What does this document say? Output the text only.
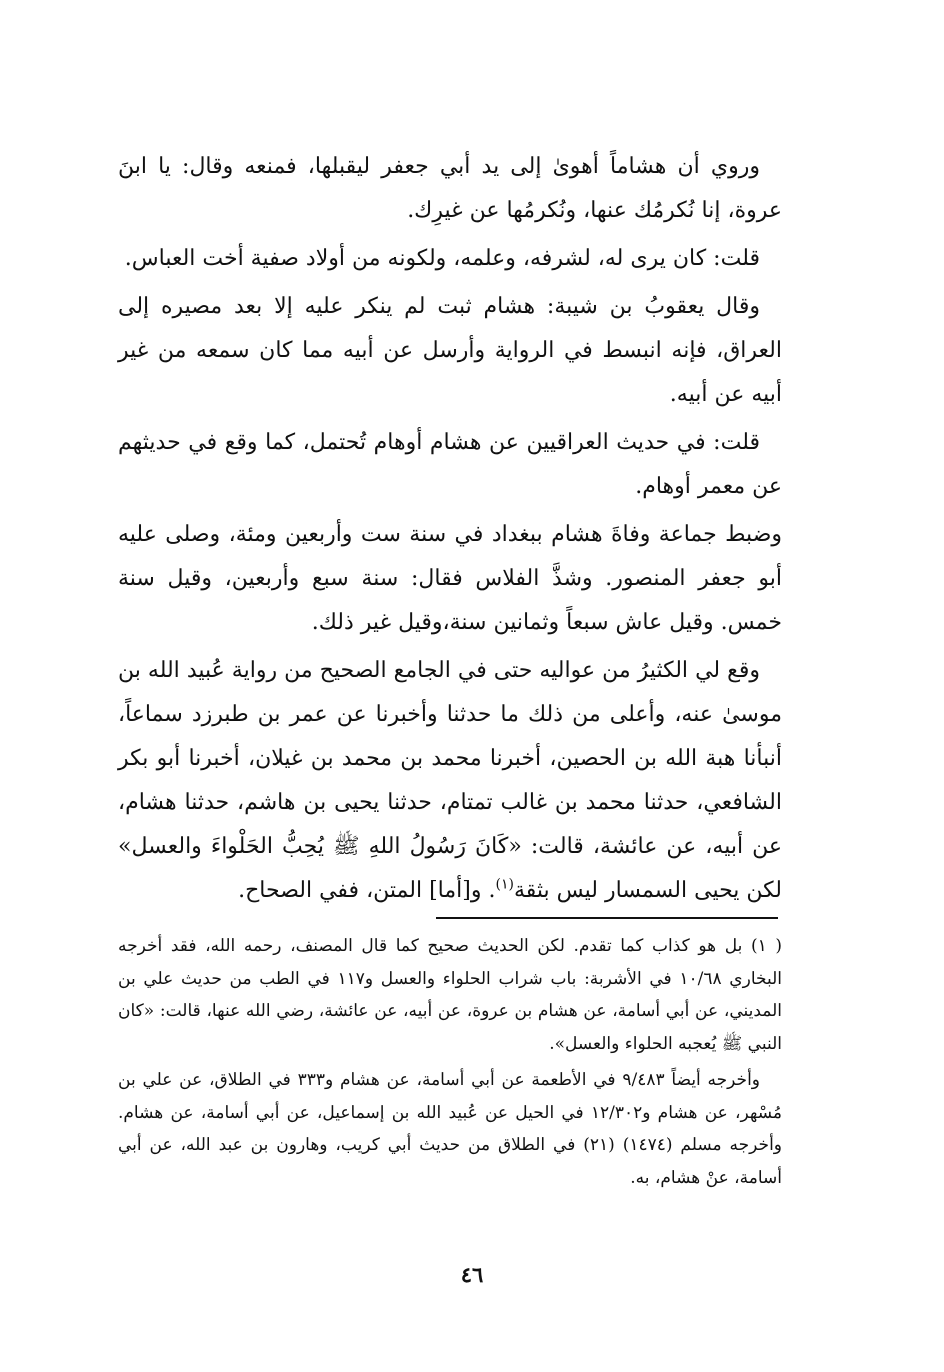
وروي أن هشاماً أهوىٰ إلى يد أبي جعفر ليقبلها، فمنعه وقال: يا ابنَ عروة، إنا نُكرمُك عنها، ونُكرمُها عن غيرِك.

قلت: كان يرى له، لشرفه، وعلمه، ولكونه من أولاد صفية أخت العباس.

وقال يعقوبُ بن شيبة: هشام ثبت لم ينكر عليه إلا بعد مصيره إلى العراق، فإنه انبسط في الرواية وأرسل عن أبيه مما كان سمعه من غير أبيه عن أبيه.

قلت: في حديث العراقيين عن هشام أوهام تُحتمل، كما وقع في حديثهم عن معمر أوهام.

وضبط جماعة وفاةَ هشام ببغداد في سنة ست وأربعين ومئة، وصلى عليه أبو جعفر المنصور. وشذَّ الفلاس فقال: سنة سبع وأربعين، وقيل سنة خمس. وقيل عاش سبعاً وثمانين سنة،وقيل غير ذلك.

وقع لي الكثيرُ من عواليه حتى في الجامع الصحيح من رواية عُبيد الله بن موسىٰ عنه، وأعلى من ذلك ما حدثنا وأخبرنا عن عمر بن طبرزد سماعاً، أنبأنا هبة الله بن الحصين، أخبرنا محمد بن محمد بن غيلان، أخبرنا أبو بكر الشافعي، حدثنا محمد بن غالب تمتام، حدثنا يحيى بن هاشم، حدثنا هشام، عن أبيه، عن عائشة، قالت: «كَانَ رَسُولُ اللهِ ﷺ يُحِبُّ الحَلْواءَ والعسل» لكن يحيى السمسار ليس بثقة$^{(١)}$. و[أما] المتن، ففي الصحاح.

( ١) بل هو كذاب كما تقدم. لكن الحديث صحيح كما قال المصنف، رحمه الله، فقد أخرجه البخاري ١٠/٦٨ في الأشربة: باب شراب الحلواء والعسل و١١٧ في الطب من حديث علي بن المديني، عن أبي أسامة، عن هشام بن عروة، عن أبيه، عن عائشة، رضي الله عنها، قالت: «كان النبي ﷺ يُعجبه الحلواء والعسل».

وأخرجه أيضاً ٩/٤٨٣ في الأطعمة عن أبي أسامة، عن هشام و٣٣٣ في الطلاق، عن علي بن مُسْهر، عن هشام و١٢/٣٠٢ في الحيل عن عُبيد الله بن إسماعيل، عن أبي أسامة، عن هشام. وأخرجه مسلم (١٤٧٤) (٢١) في الطلاق من حديث أبي كريب، وهارون بن عبد الله، عن أبي أسامة، عنْ هشام، به.

٤٦
